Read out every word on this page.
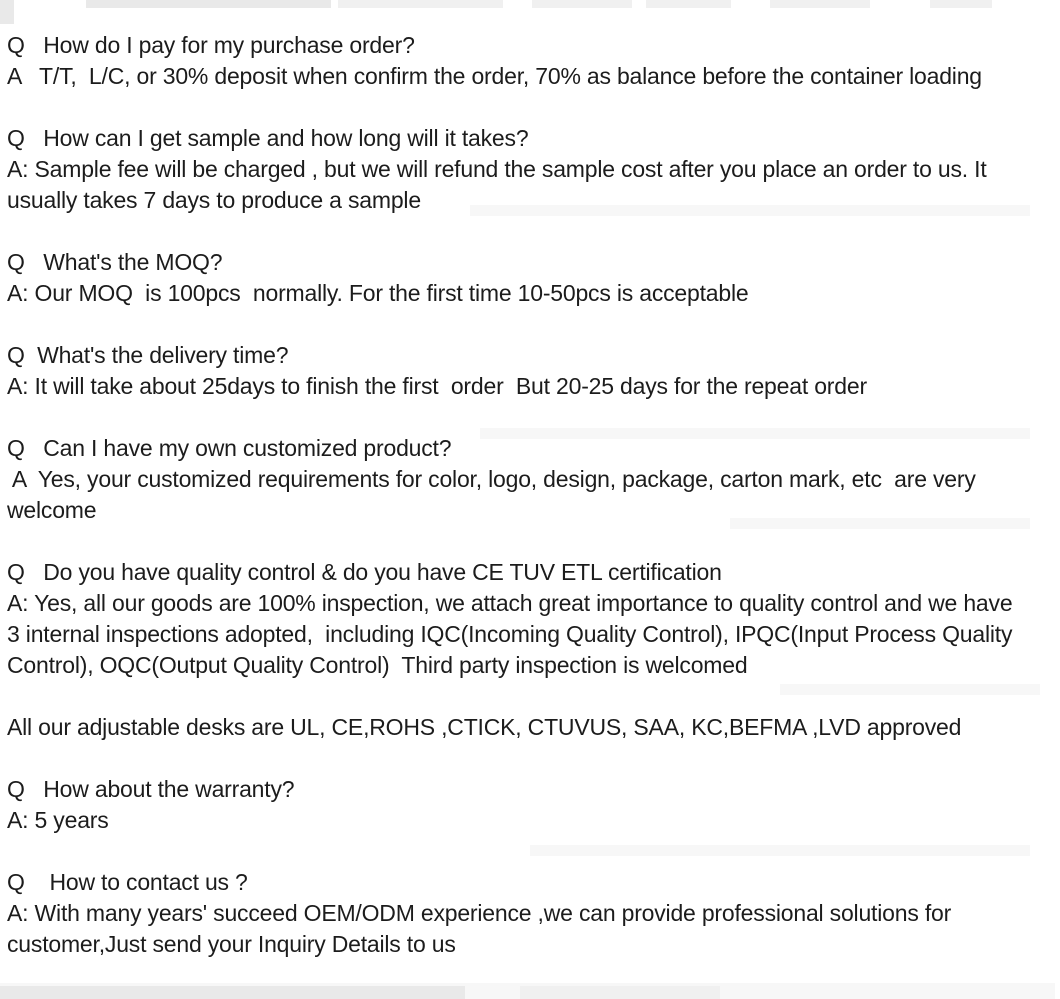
Q   How do I pay for my purchase order?
A   T/T,  L/C, or 30% deposit when confirm the order, 70% as balance before the container loading
Q   How can I get sample and how long will it takes?
A: Sample fee will be charged , but we will refund the sample cost after you place an order to us. It
usually takes 7 days to produce a sample
Q   What's the MOQ?
A: Our MOQ  is 100pcs  normally. For the first time 10-50pcs is acceptable
Q  What's the delivery time?
A: It will take about 25days to finish the first  order  But 20-25 days for the repeat order
Q   Can I have my own customized product?
A  Yes, your customized requirements for color, logo, design, package, carton mark, etc  are very
welcome
Q   Do you have quality control & do you have CE TUV ETL certification
A: Yes, all our goods are 100% inspection, we attach great importance to quality control and we have
3 internal inspections adopted,  including IQC(Incoming Quality Control), IPQC(Input Process Quality
Control), OQC(Output Quality Control)  Third party inspection is welcomed
All our adjustable desks are UL, CE,ROHS ,CTICK, CTUVUS, SAA, KC,BEFMA ,LVD approved
Q   How about the warranty?
A: 5 years
Q    How to contact us ?
A: With many years' succeed OEM/ODM experience ,we can provide professional solutions for
customer,Just send your Inquiry Details to us
